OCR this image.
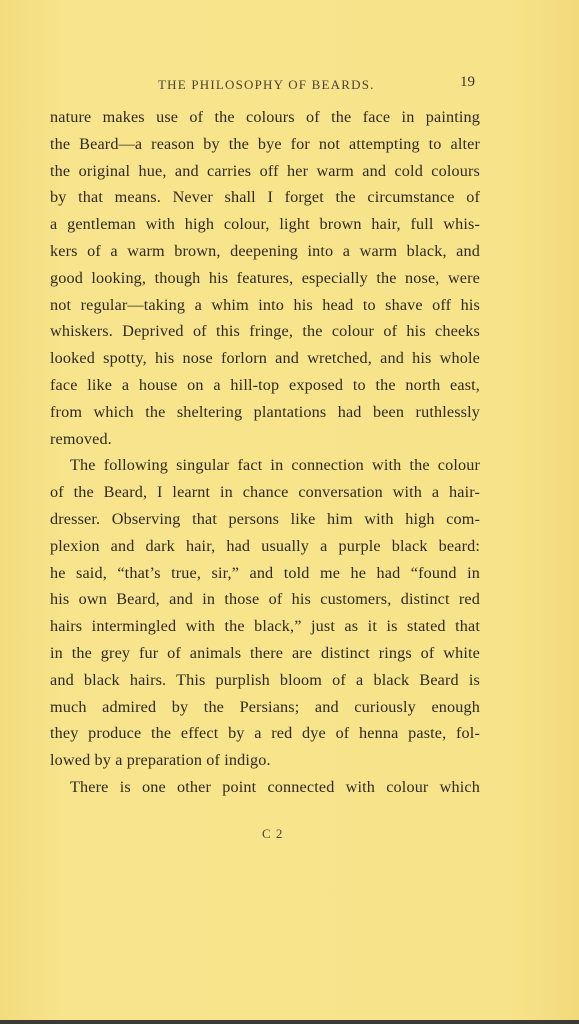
THE PHILOSOPHY OF BEARDS.	19
nature makes use of the colours of the face in painting
the Beard—a reason by the bye for not attempting to alter
the original hue, and carries off her warm and cold colours
by that means. Never shall I forget the circumstance of
a gentleman with high colour, light brown hair, full whis-
kers of a warm brown, deepening into a warm black, and
good looking, though his features, especially the nose, were
not regular—taking a whim into his head to shave off his
whiskers. Deprived of this fringe, the colour of his cheeks
looked spotty, his nose forlorn and wretched, and his whole
face like a house on a hill-top exposed to the north east,
from which the sheltering plantations had been ruthlessly
removed.
The following singular fact in connection with the colour
of the Beard, I learnt in chance conversation with a hair-
dresser. Observing that persons like him with high com-
plexion and dark hair, had usually a purple black beard:
he said, “that’s true, sir,” and told me he had “found in
his own Beard, and in those of his customers, distinct red
hairs intermingled with the black,” just as it is stated that
in the grey fur of animals there are distinct rings of white
and black hairs. This purplish bloom of a black Beard is
much admired by the Persians; and curiously enough
they produce the effect by a red dye of henna paste, fol-
lowed by a preparation of indigo.
There is one other point connected with colour which
C 2
